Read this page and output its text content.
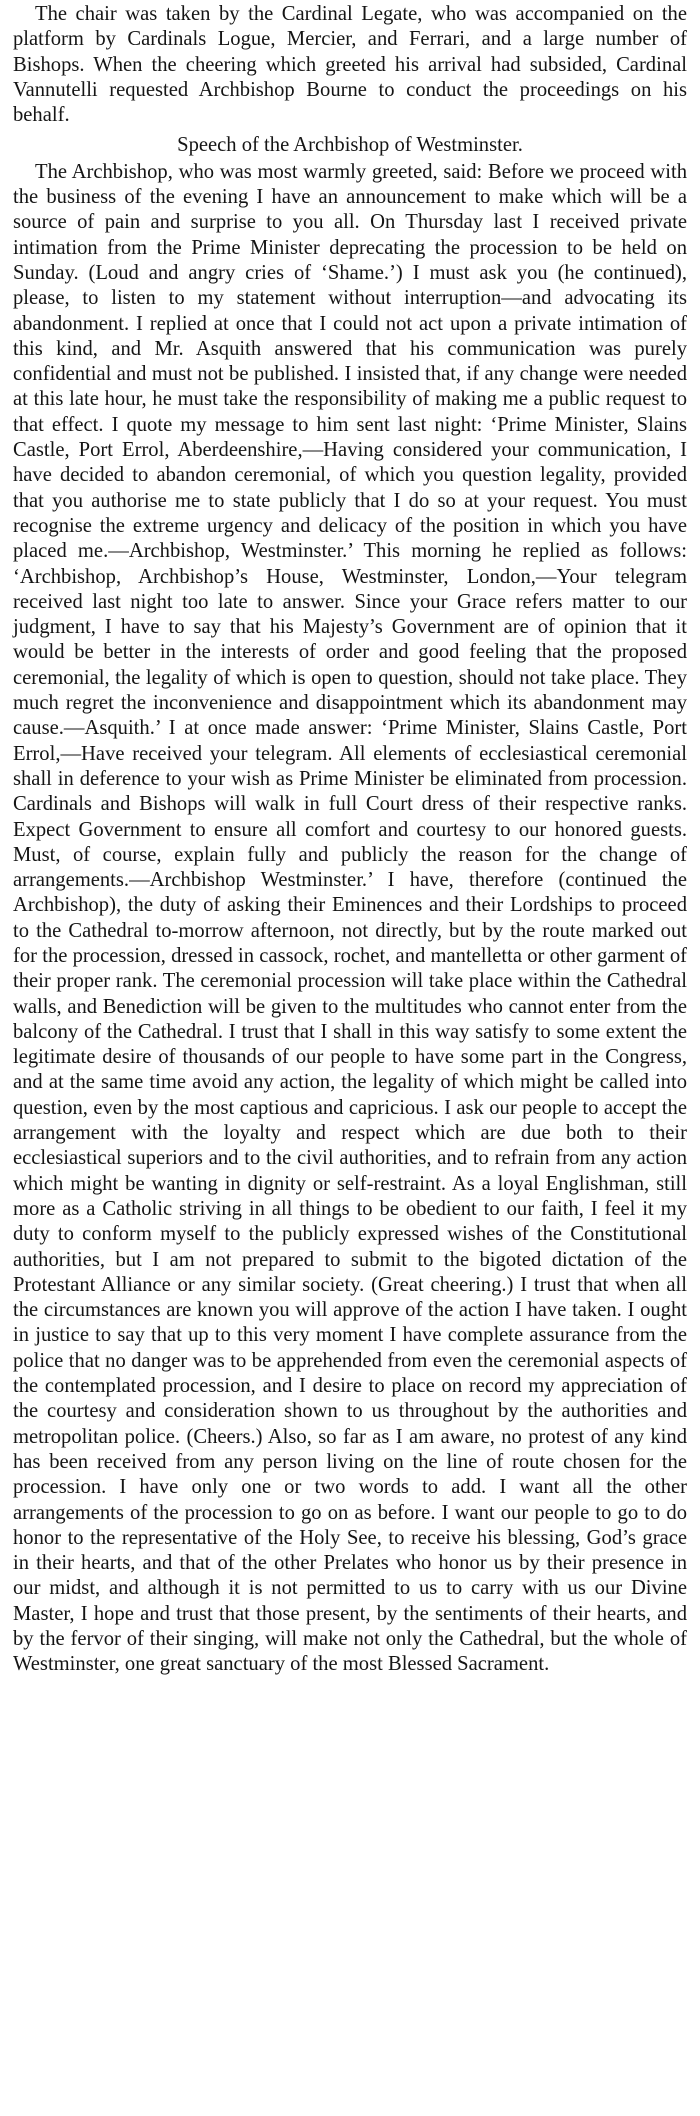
The chair was taken by the Cardinal Legate, who was accompanied on the platform by Cardinals Logue, Mercier, and Ferrari, and a large number of Bishops. When the cheering which greeted his arrival had subsided, Cardinal Vannutelli requested Archbishop Bourne to conduct the proceedings on his behalf.

Speech of the Archbishop of Westminster.

The Archbishop, who was most warmly greeted, said: Before we proceed with the business of the evening I have an announcement to make which will be a source of pain and surprise to you all. On Thursday last I received private intimation from the Prime Minister deprecating the procession to be held on Sunday. (Loud and angry cries of ‘Shame.’) I must ask you (he continued), please, to listen to my statement without interruption—and advocating its abandonment. I replied at once that I could not act upon a private intimation of this kind, and Mr. Asquith answered that his communication was purely confidential and must not be published. I insisted that, if any change were needed at this late hour, he must take the responsibility of making me a public request to that effect. I quote my message to him sent last night: ‘Prime Minister, Slains Castle, Port Errol, Aberdeenshire,—Having considered your communication, I have decided to abandon ceremonial, of which you question legality, provided that you authorise me to state publicly that I do so at your request. You must recognise the extreme urgency and delicacy of the position in which you have placed me.—Archbishop, Westminster.’ This morning he replied as follows: ‘Archbishop, Archbishop’s House, Westminster, London,—Your telegram received last night too late to answer. Since your Grace refers matter to our judgment, I have to say that his Majesty’s Government are of opinion that it would be better in the interests of order and good feeling that the proposed ceremonial, the legality of which is open to question, should not take place. They much regret the inconvenience and disappointment which its abandonment may cause.—Asquith.’ I at once made answer: ‘Prime Minister, Slains Castle, Port Errol,—Have received your telegram. All elements of ecclesiastical ceremonial shall in deference to your wish as Prime Minister be eliminated from procession. Cardinals and Bishops will walk in full Court dress of their respective ranks. Expect Government to ensure all comfort and courtesy to our honored guests. Must, of course, explain fully and publicly the reason for the change of arrangements.—Archbishop Westminster.’ I have, therefore (continued the Archbishop), the duty of asking their Eminences and their Lordships to proceed to the Cathedral to-morrow afternoon, not directly, but by the route marked out for the procession, dressed in cassock, rochet, and mantelletta or other garment of their proper rank. The ceremonial procession will take place within the Cathedral walls, and Benediction will be given to the multitudes who cannot enter from the balcony of the Cathedral. I trust that I shall in this way satisfy to some extent the legitimate desire of thousands of our people to have some part in the Congress, and at the same time avoid any action, the legality of which might be called into question, even by the most captious and capricious. I ask our people to accept the arrangement with the loyalty and respect which are due both to their ecclesiastical superiors and to the civil authorities, and to refrain from any action which might be wanting in dignity or self-restraint. As a loyal Englishman, still more as a Catholic striving in all things to be obedient to our faith, I feel it my duty to conform myself to the publicly expressed wishes of the Constitutional authorities, but I am not prepared to submit to the bigoted dictation of the Protestant Alliance or any similar society. (Great cheering.) I trust that when all the circumstances are known you will approve of the action I have taken. I ought in justice to say that up to this very moment I have complete assurance from the police that no danger was to be apprehended from even the ceremonial aspects of the contemplated procession, and I desire to place on record my appreciation of the courtesy and consideration shown to us throughout by the authorities and metropolitan police. (Cheers.) Also, so far as I am aware, no protest of any kind has been received from any person living on the line of route chosen for the procession. I have only one or two words to add. I want all the other arrangements of the procession to go on as before. I want our people to go to do honor to the representative of the Holy See, to receive his blessing, God’s grace in their hearts, and that of the other Prelates who honor us by their presence in our midst, and although it is not permitted to us to carry with us our Divine Master, I hope and trust that those present, by the sentiments of their hearts, and by the fervor of their singing, will make not only the Cathedral, but the whole of Westminster, one great sanctuary of the most Blessed Sacrament.
